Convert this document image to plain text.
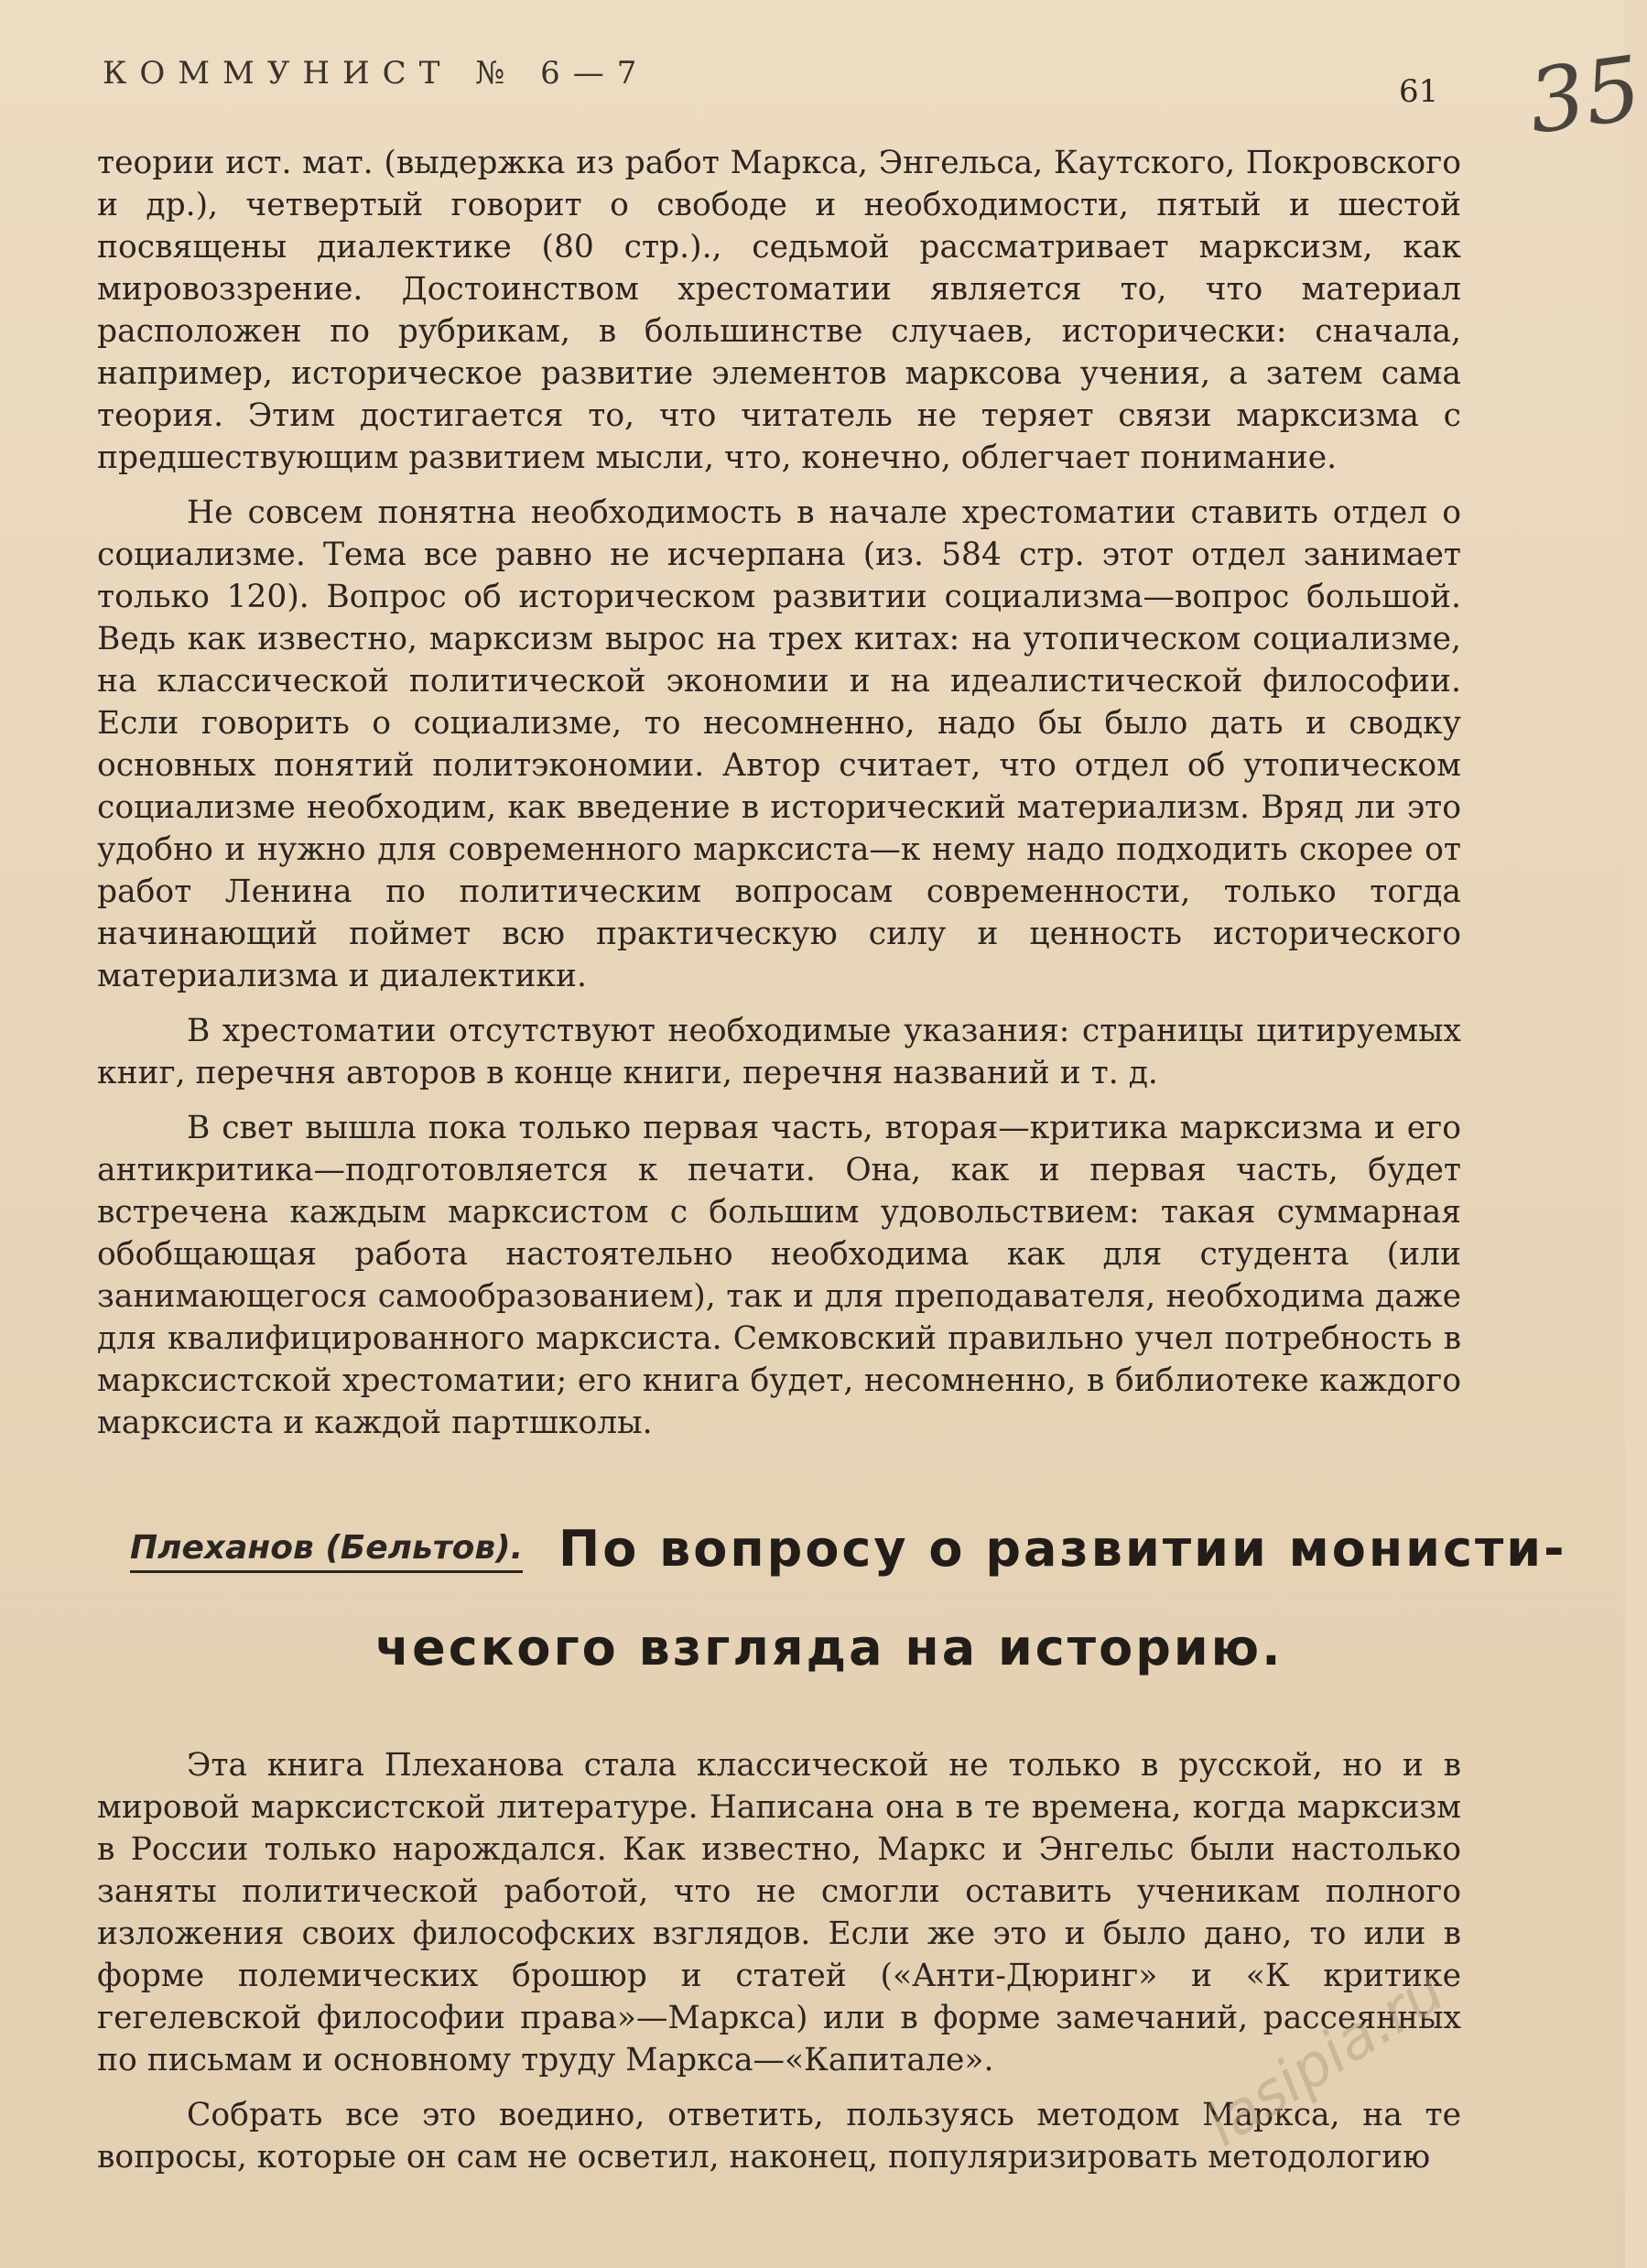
КОММУНИСТ № 6—7	61 35

теории ист. мат. (выдержка из работ Маркса, Энгельса, Каутского, Покровского и др.), четвертый говорит о свободе и необходимости, пятый и шестой посвящены диалектике (80 стр.)., седьмой рассматривает марксизм, как мировоззрение. Достоинством хрестоматии является то, что материал расположен по рубрикам, в большинстве случаев, исторически: сначала, например, историческое развитие элементов марксова учения, а затем сама теория. Этим достигается то, что читатель не теряет связи марксизма с предшествующим развитием мысли, что, конечно, облегчает понимание.

Не совсем понятна необходимость в начале хрестоматии ставить отдел о социализме. Тема все равно не исчерпана (из. 584 стр. этот отдел занимает только 120). Вопрос об историческом развитии социализма—вопрос большой. Ведь как известно, марксизм вырос на трех китах: на утопическом социализме, на классической политической экономии и на идеалистической философии. Если говорить о социализме, то несомненно, надо бы было дать и сводку основных понятий политэкономии. Автор считает, что отдел об утопическом социализме необходим, как введение в исторический материализм. Вряд ли это удобно и нужно для современного марксиста—к нему надо подходить скорее от работ Ленина по политическим вопросам современности, только тогда начинающий поймет всю практическую силу и ценность исторического материализма и диалектики.

В хрестоматии отсутствуют необходимые указания: страницы цитируемых книг, перечня авторов в конце книги, перечня названий и т. д.

В свет вышла пока только первая часть, вторая—критика марксизма и его антикритика—подготовляется к печати. Она, как и первая часть, будет встречена каждым марксистом с большим удовольствием: такая суммарная обобщающая работа настоятельно необходима как для студента (или занимающегося самообразованием), так и для преподавателя, необходима даже для квалифицированного марксиста. Семковский правильно учел потребность в марксистской хрестоматии; его книга будет, несомненно, в библиотеке каждого марксиста и каждой партшколы.

Плеханов (Бельтов). По вопросу о развитии монисти-
ческого взгляда на историю.

Эта книга Плеханова стала классической не только в русской, но и в мировой марксистской литературе. Написана она в те времена, когда марксизм в России только нарождался. Как известно, Маркс и Энгельс были настолько заняты политической работой, что не смогли оставить ученикам полного изложения своих философских взглядов. Если же это и было дано, то или в форме полемических брошюр и статей («Анти-Дюринг» и «К критике гегелевской философии права»—Маркса) или в форме замечаний, рассеянных по письмам и основному труду Маркса—«Капитале».

Собрать все это воедино, ответить, пользуясь методом Маркса, на те вопросы, которые он сам не осветил, наконец, популяризировать методологию

iasipia.ru
